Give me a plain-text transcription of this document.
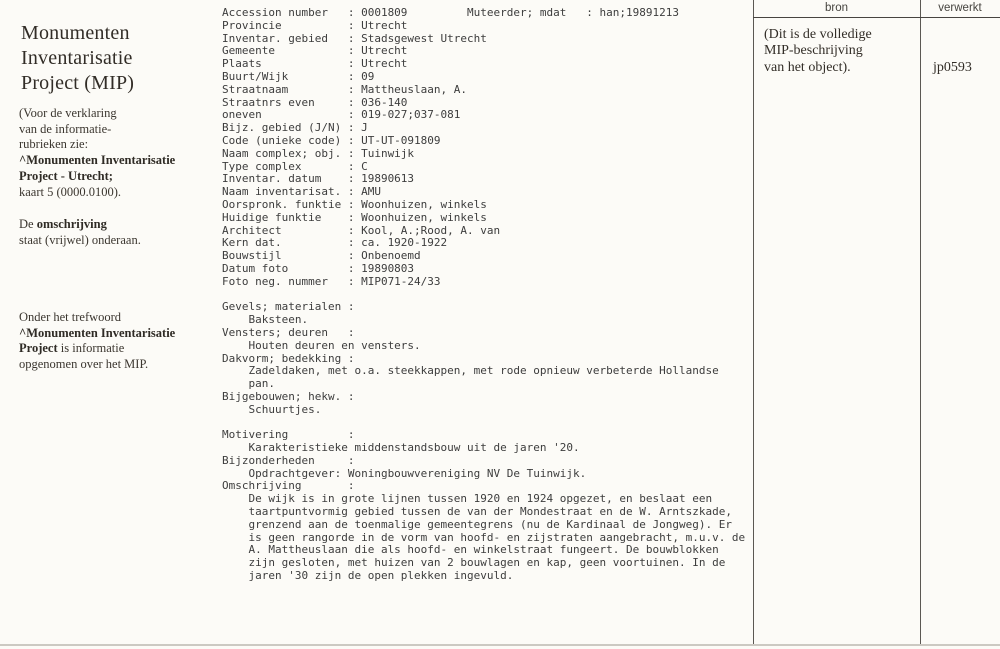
Monumenten
Inventarisatie
Project (MIP)
(Voor de verklaring
van de informatie-
rubrieken zie:
^Monumenten Inventarisatie
Project - Utrecht;
kaart 5 (0000.0100).
De omschrijving
staat (vrijwel) onderaan.
Onder het trefwoord
^Monumenten Inventarisatie
Project is informatie
opgenomen over het MIP.
Accession number   : 0001809         Muteerder; mdat   : han;19891213
Provincie          : Utrecht
Inventar. gebied   : Stadsgewest Utrecht
Gemeente           : Utrecht
Plaats             : Utrecht
Buurt/Wijk         : 09
Straatnaam         : Mattheuslaan, A.
Straatnrs even     : 036-140
oneven             : 019-027;037-081
Bijz. gebied (J/N) : J
Code (unieke code) : UT-UT-091809
Naam complex; obj. : Tuinwijk
Type complex       : C
Inventar. datum    : 19890613
Naam inventarisat. : AMU
Oorspronk. funktie : Woonhuizen, winkels
Huidige funktie    : Woonhuizen, winkels
Architect          : Kool, A.;Rood, A. van
Kern dat.          : ca. 1920-1922
Bouwstijl          : Onbenoemd
Datum foto         : 19890803
Foto neg. nummer   : MIP071-24/33

Gevels; materialen :
Baksteen.
Vensters; deuren   :
Houten deuren en vensters.
Dakvorm; bedekking :
Zadeldaken, met o.a. steekkappen, met rode opnieuw verbeterde Hollandse
pan.
Bijgebouwen; hekw. :
Schuurtjes.

Motivering         :
Karakteristieke middenstandsbouw uit de jaren '20.
Bijzonderheden     :
Opdrachtgever: Woningbouwvereniging NV De Tuinwijk.
Omschrijving       :
De wijk is in grote lijnen tussen 1920 en 1924 opgezet, en beslaat een
taartpuntvormig gebied tussen de van der Mondestraat en de W. Arntszkade,
grenzend aan de toenmalige gemeentegrens (nu de Kardinaal de Jongweg). Er
is geen rangorde in de vorm van hoofd- en zijstraten aangebracht, m.u.v. de
A. Mattheuslaan die als hoofd- en winkelstraat fungeert. De bouwblokken
zijn gesloten, met huizen van 2 bouwlagen en kap, geen voortuinen. In de
jaren '30 zijn de open plekken ingevuld.
bron	verwerkt
(Dit is de volledige
MIP-beschrijving
van het object).	jp0593
